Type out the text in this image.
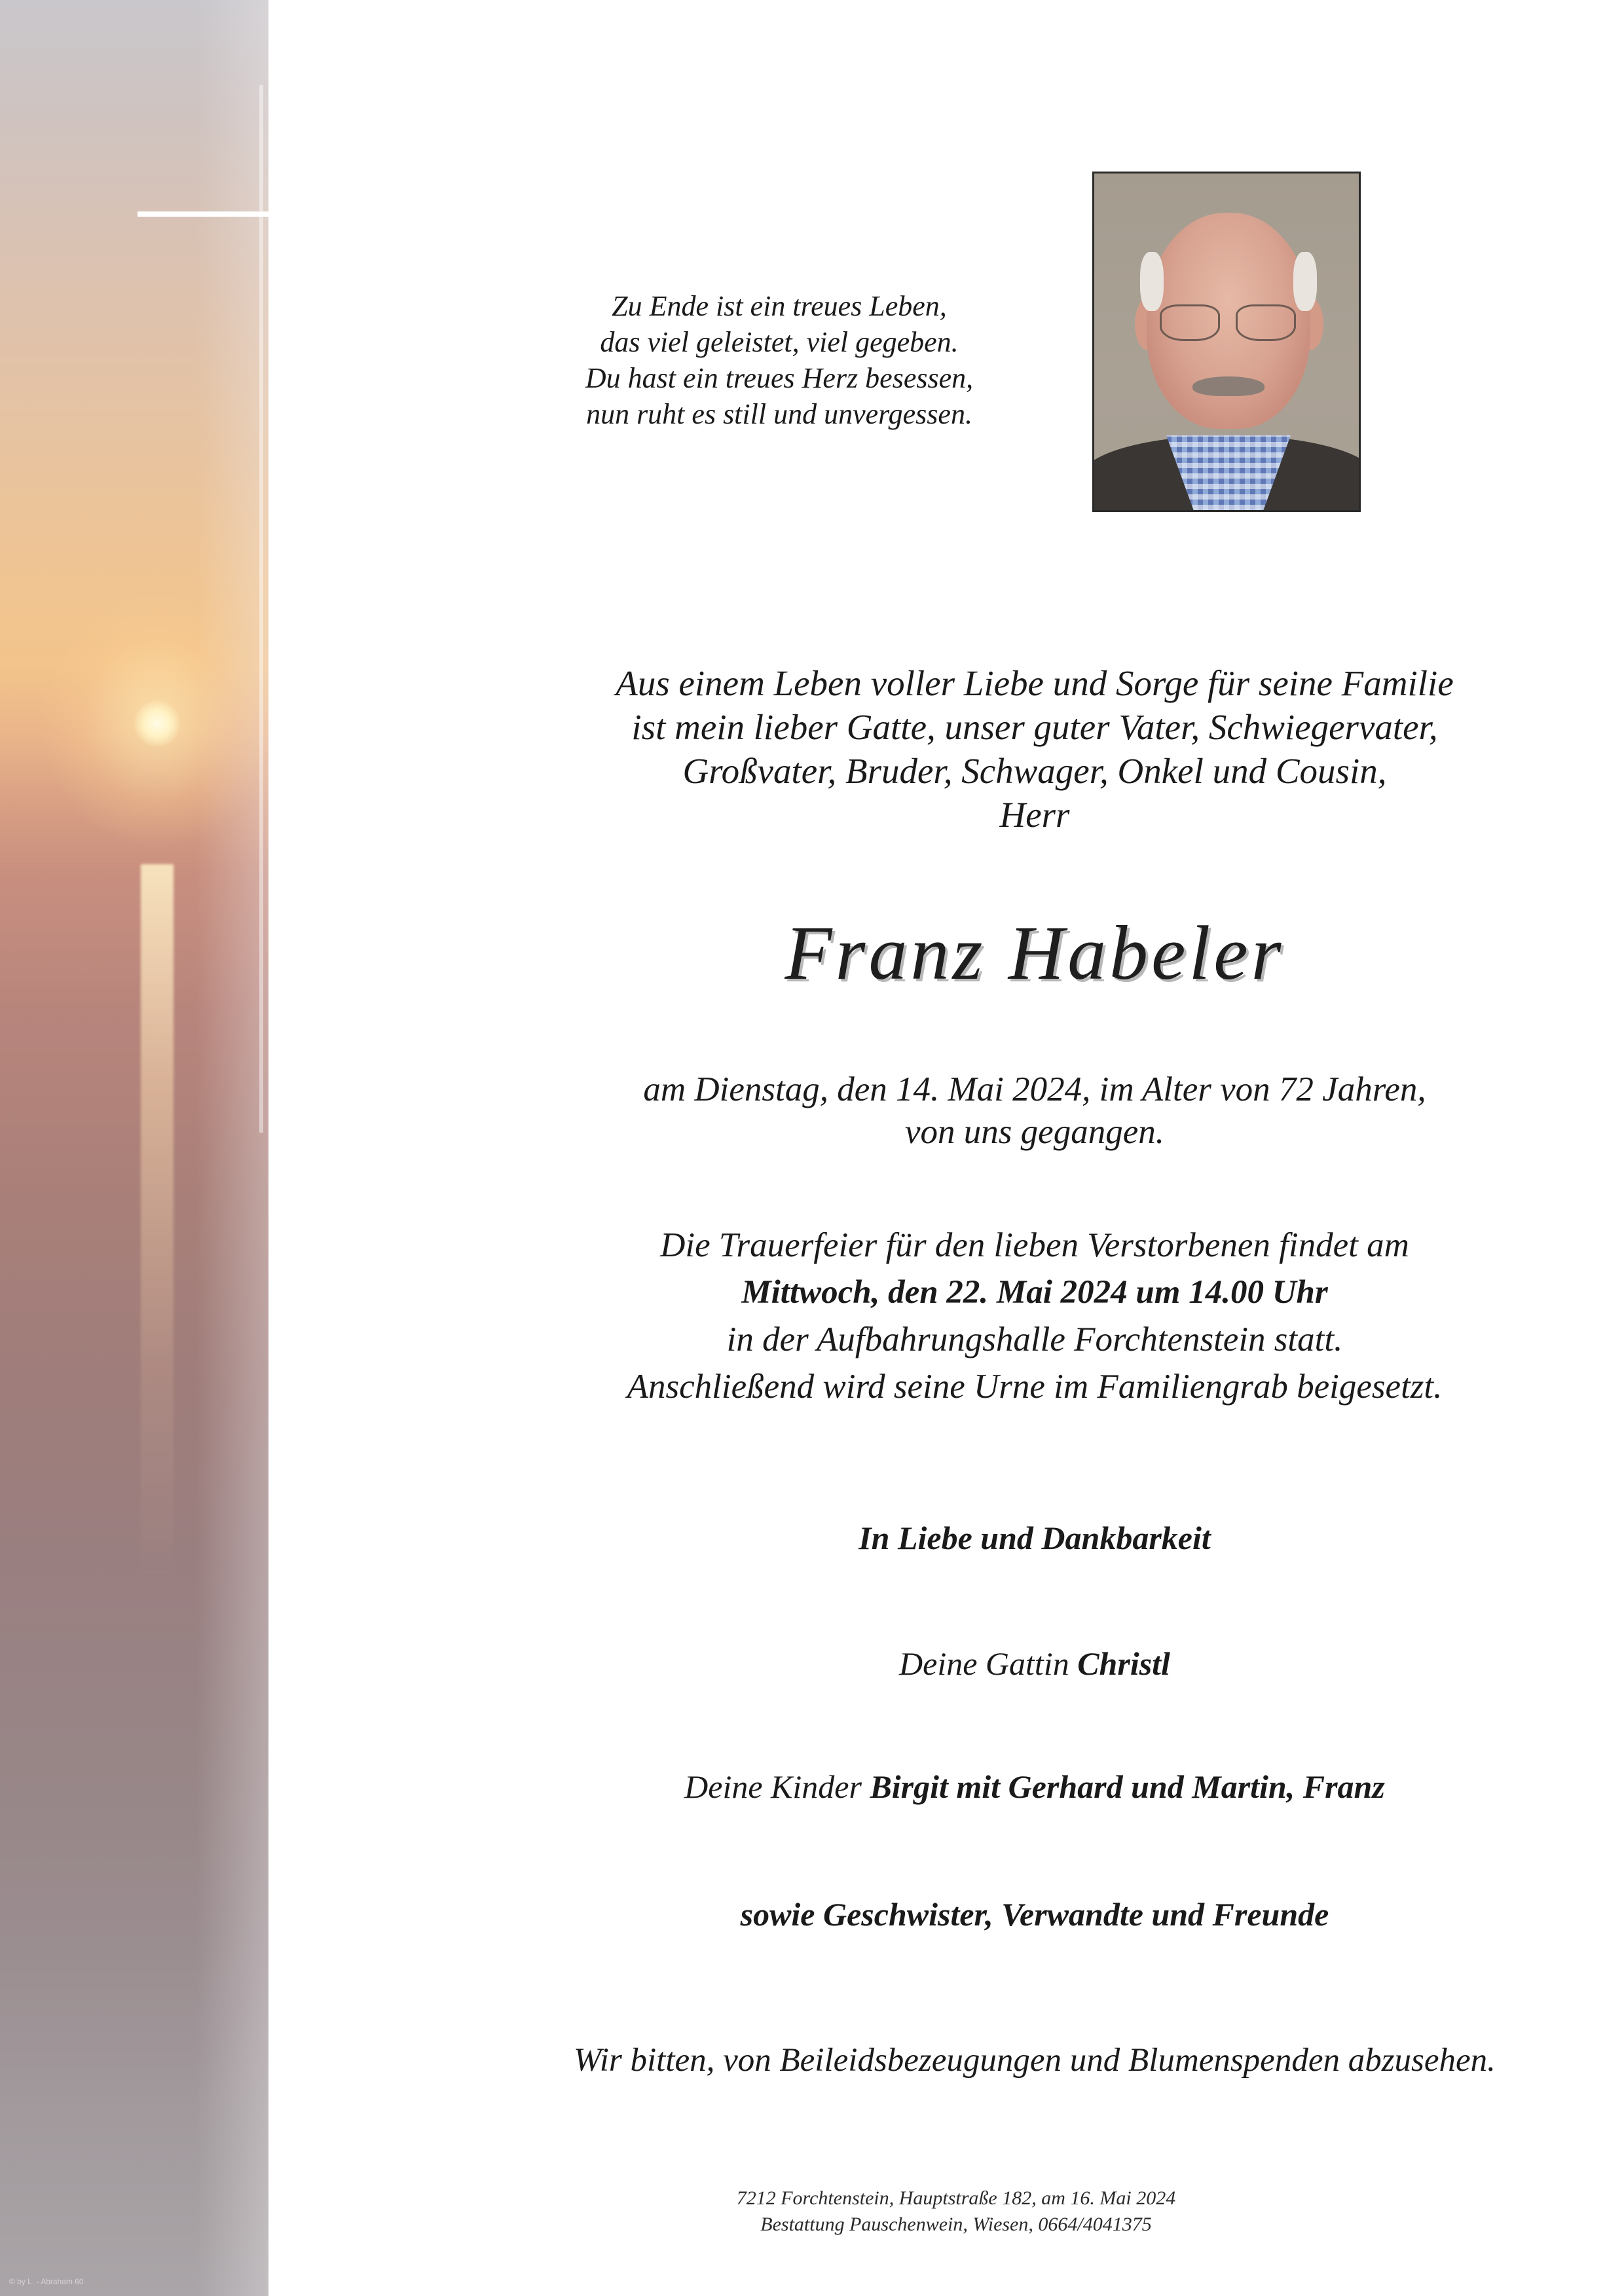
© by L. - Abraham 60
Zu Ende ist ein treues Leben,
das viel geleistet, viel gegeben.
Du hast ein treues Herz besessen,
nun ruht es still und unvergessen.
Aus einem Leben voller Liebe und Sorge für seine Familie
ist mein lieber Gatte, unser guter Vater, Schwiegervater,
Großvater, Bruder, Schwager, Onkel und Cousin,
Herr
Franz Habeler
am Dienstag, den 14. Mai 2024, im Alter von 72 Jahren,
von uns gegangen.
Die Trauerfeier für den lieben Verstorbenen findet am
Mittwoch, den 22. Mai 2024 um 14.00 Uhr
in der Aufbahrungshalle Forchtenstein statt.
Anschließend wird seine Urne im Familiengrab beigesetzt.
In Liebe und Dankbarkeit
Deine Gattin Christl
Deine Kinder Birgit mit Gerhard und Martin, Franz
sowie Geschwister, Verwandte und Freunde
Wir bitten, von Beileidsbezeugungen und Blumenspenden abzusehen.
7212 Forchtenstein, Hauptstraße 182, am 16. Mai 2024
Bestattung Pauschenwein, Wiesen, 0664/4041375
